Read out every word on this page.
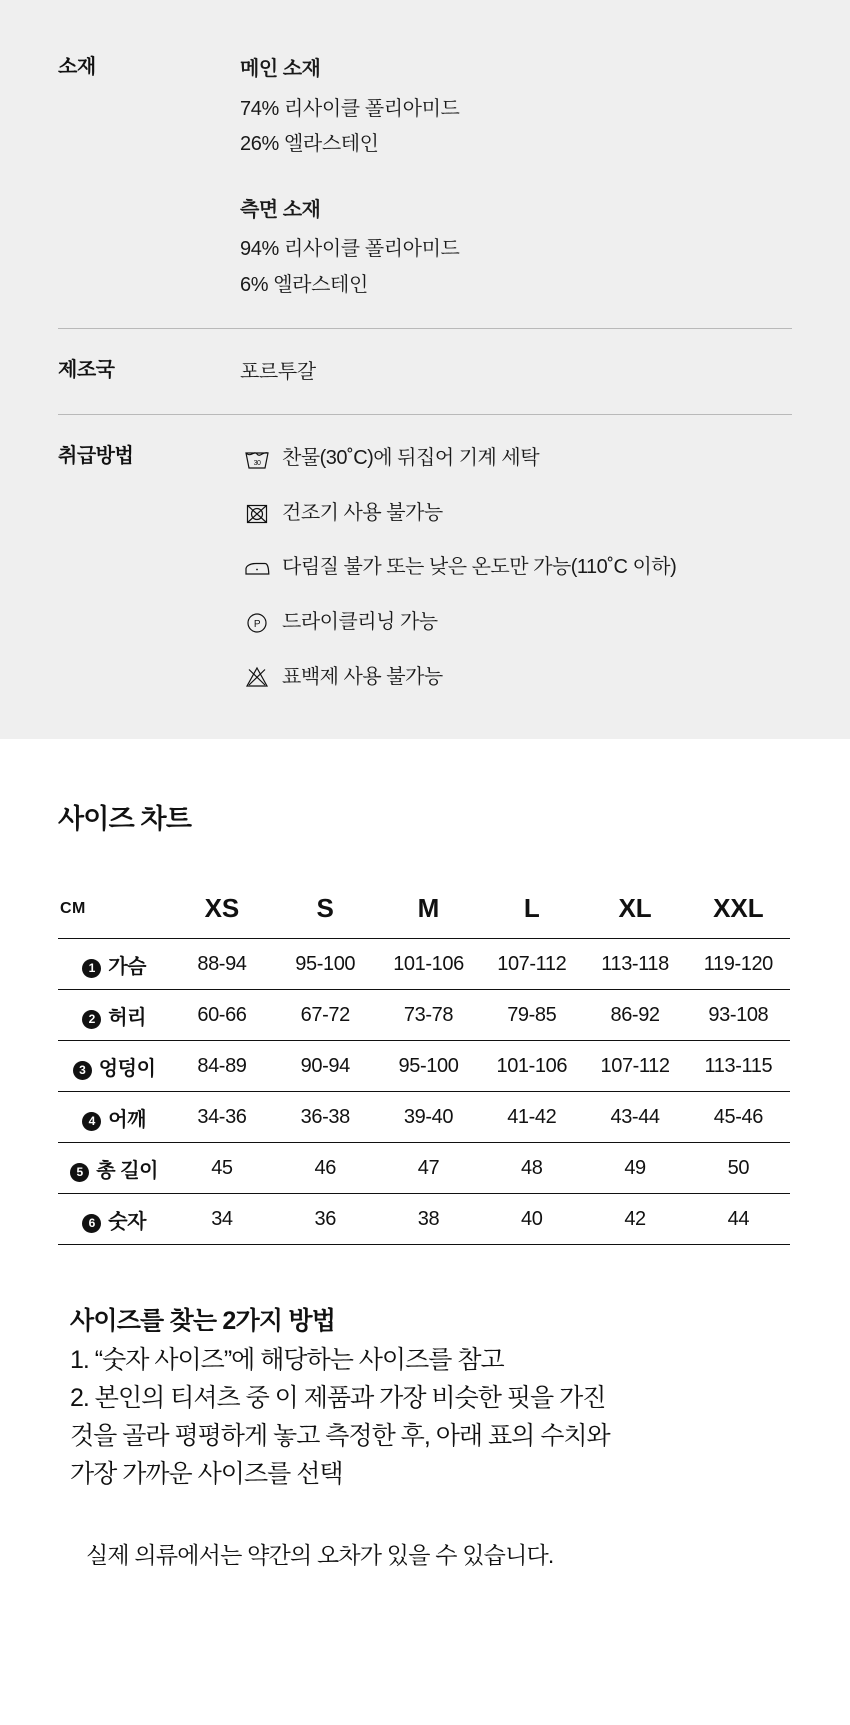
소재	메인 소재
74% 리사이클 폴리아미드
26% 엘라스테인
측면 소재
94% 리사이클 폴리아미드
6% 엘라스테인
제조국	포르투갈
취급방법	30 찬물(30˚C)에 뒤집어 기계 세탁
건조기 사용 불가능
다림질 불가 또는 낮은 온도만 가능(110˚C 이하)
P 드라이클리닝 가능
표백제 사용 불가능
사이즈 차트
CM	XS	S	M	L	XL	XXL
1 가슴	88-94	95-100	101-106	107-112	113-118	119-120
2 허리	60-66	67-72	73-78	79-85	86-92	93-108
3 엉덩이	84-89	90-94	95-100	101-106	107-112	113-115
4 어깨	34-36	36-38	39-40	41-42	43-44	45-46
5 총 길이	45	46	47	48	49	50
6 숫자	34	36	38	40	42	44
사이즈를 찾는 2가지 방법
1. “숫자 사이즈”에 해당하는 사이즈를 참고
2. 본인의 티셔츠 중 이 제품과 가장 비슷한 핏을 가진
것을 골라 평평하게 놓고 측정한 후, 아래 표의 수치와
가장 가까운 사이즈를 선택
실제 의류에서는 약간의 오차가 있을 수 있습니다.
